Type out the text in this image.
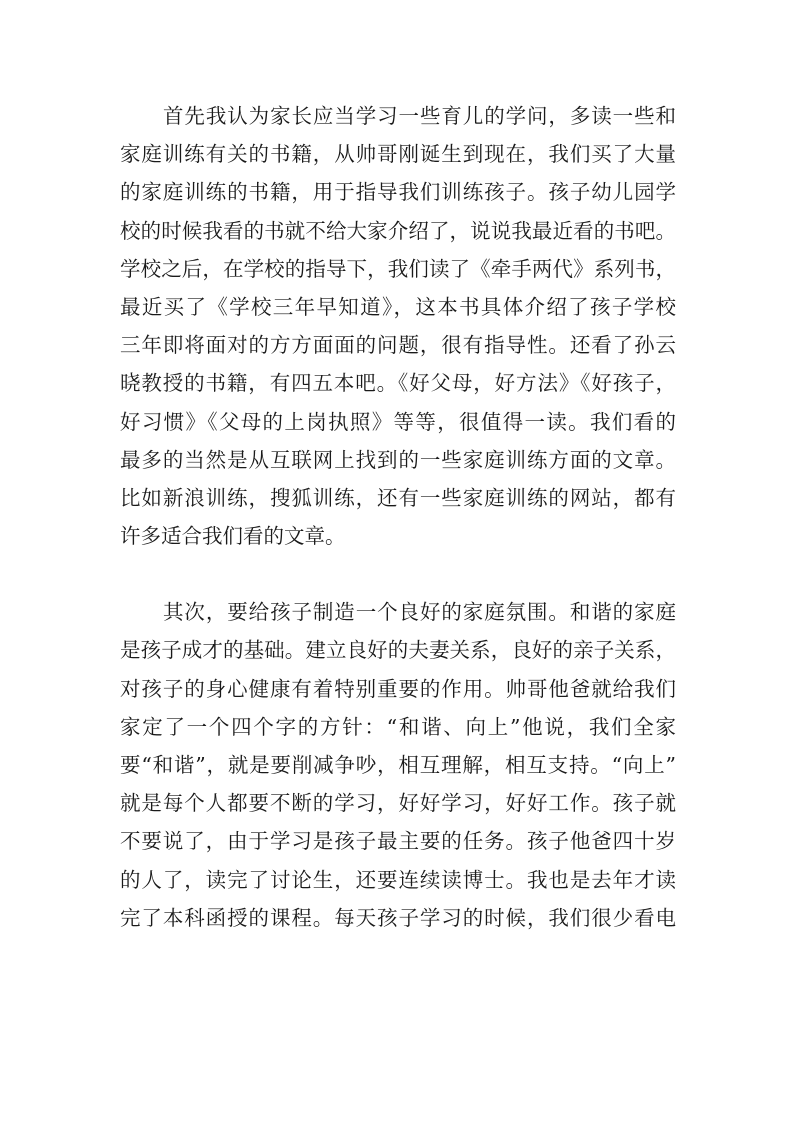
首先我认为家长应当学习一些育儿的学问，多读一些和
家庭训练有关的书籍，从帅哥刚诞生到现在，我们买了大量
的家庭训练的书籍，用于指导我们训练孩子。孩子幼儿园学
校的时候我看的书就不给大家介绍了，说说我最近看的书吧。
学校之后，在学校的指导下，我们读了《牵手两代》系列书，
最近买了《学校三年早知道》，这本书具体介绍了孩子学校
三年即将面对的方方面面的问题，很有指导性。还看了孙云
晓教授的书籍，有四五本吧。《好父母，好方法》《好孩子，
好习惯》《父母的上岗执照》等等，很值得一读。我们看的
最多的当然是从互联网上找到的一些家庭训练方面的文章。
比如新浪训练，搜狐训练，还有一些家庭训练的网站，都有
许多适合我们看的文章。
其次，要给孩子制造一个良好的家庭氛围。和谐的家庭
是孩子成才的基础。建立良好的夫妻关系，良好的亲子关系，
对孩子的身心健康有着特别重要的作用。帅哥他爸就给我们
家定了一个四个字的方针：“和谐、向上”他说，我们全家
要“和谐”，就是要削减争吵，相互理解，相互支持。“向上”
就是每个人都要不断的学习，好好学习，好好工作。孩子就
不要说了，由于学习是孩子最主要的任务。孩子他爸四十岁
的人了，读完了讨论生，还要连续读博士。我也是去年才读
完了本科函授的课程。每天孩子学习的时候，我们很少看电
